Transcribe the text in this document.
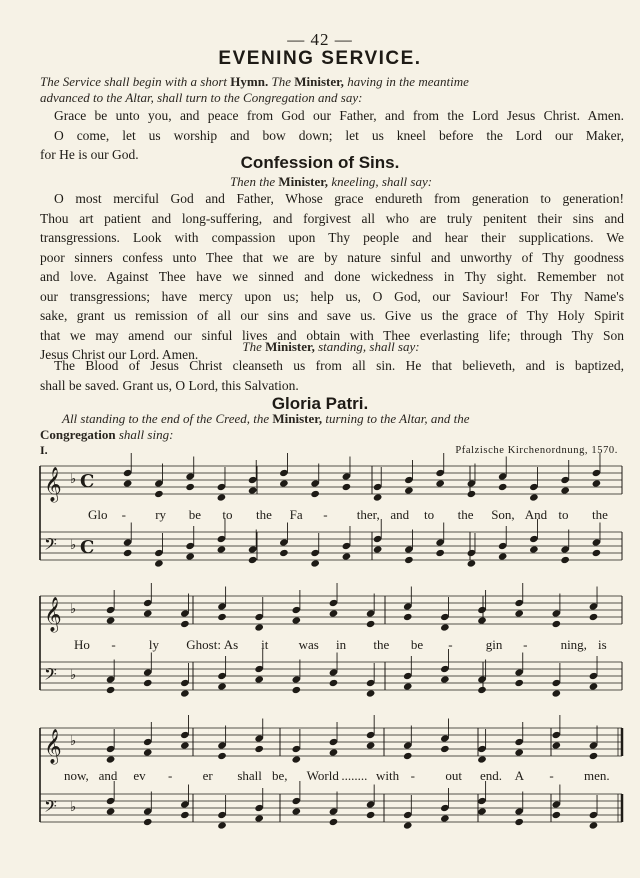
— 42 —
EVENING SERVICE.
The Service shall begin with a short Hymn. The Minister, having in the meantime
advanced to the Altar, shall turn to the Congregation and say:
Grace be unto you, and peace from God our Father, and from the Lord Jesus Christ. Amen.
O come, let us worship and bow down; let us kneel before the Lord our Maker,
for He is our God.	Confession of Sins.
Then the Minister, kneeling, shall say:
O most merciful God and Father, Whose grace endureth from generation to generation!
Thou art patient and long-suffering, and forgivest all who are truly penitent their sins and
transgressions. Look with compassion upon Thy people and hear their supplications. We
poor sinners confess unto Thee that we are by nature sinful and unworthy of Thy goodness
and love. Against Thee have we sinned and done wickedness in Thy sight. Remember not
our transgressions; have mercy upon us; help us, O God, our Saviour! For Thy Name's
sake, grant us remission of all our sins and save us. Give us the grace of Thy Holy Spirit
that we may amend our sinful lives and obtain with Thee everlasting life; through Thy Son
Jesus Christ our Lord. Amen.
The Minister, standing, shall say:
The Blood of Jesus Christ cleanseth us from all sin. He that believeth, and is baptized,
shall be saved. Grant us, O Lord, this Salvation.
Gloria Patri.
All standing to the end of the Creed, the Minister, turning to the Altar, and the
Congregation shall sing:
I.	Pfalzische Kirchenordnung, 1570.
𝄞 ♭ C
𝄢 ♭ C
𝄞 ♭
𝄢 ♭
𝄞 ♭
𝄢 ♭
Glo - ry be to the Fa - ther, and to the Son, And to the
Ho -	ly Ghost: As it was in the be -	gin -	ning, is
now, and ev - er shall be, World ........ with - out end. A - men.
